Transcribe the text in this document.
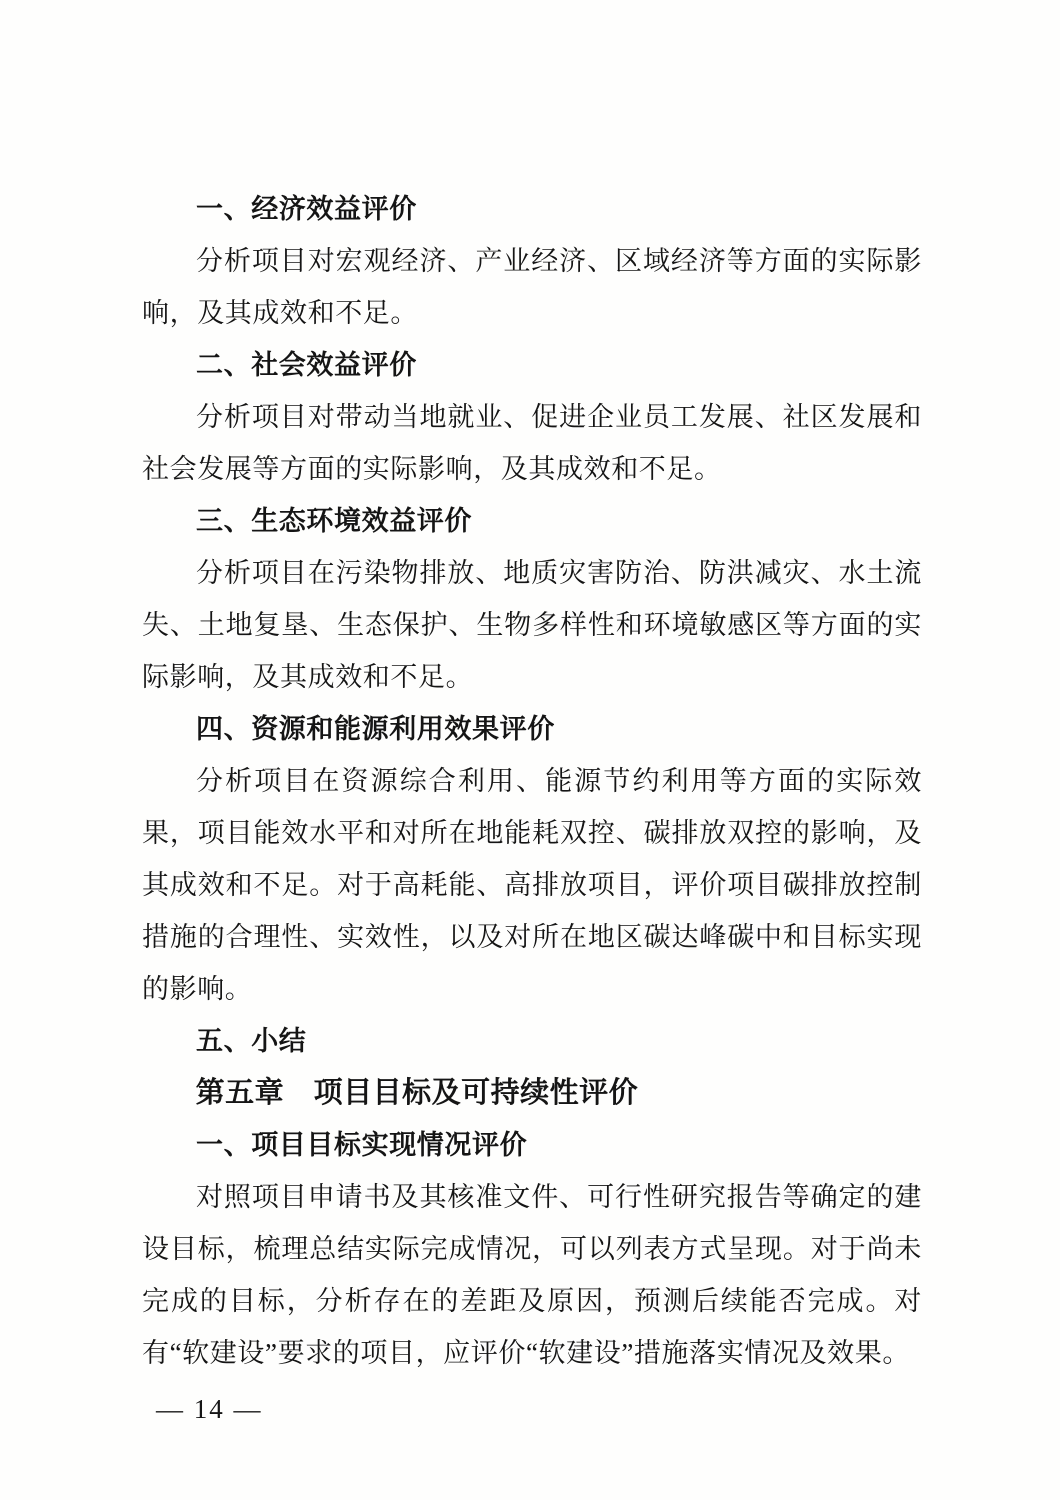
一、经济效益评价

分析项目对宏观经济、产业经济、区域经济等方面的实际影响，及其成效和不足。

二、社会效益评价

分析项目对带动当地就业、促进企业员工发展、社区发展和社会发展等方面的实际影响，及其成效和不足。

三、生态环境效益评价

分析项目在污染物排放、地质灾害防治、防洪减灾、水土流失、土地复垦、生态保护、生物多样性和环境敏感区等方面的实际影响，及其成效和不足。

四、资源和能源利用效果评价

分析项目在资源综合利用、能源节约利用等方面的实际效果，项目能效水平和对所在地能耗双控、碳排放双控的影响，及其成效和不足。对于高耗能、高排放项目，评价项目碳排放控制措施的合理性、实效性，以及对所在地区碳达峰碳中和目标实现的影响。

五、小结
第五章　项目目标及可持续性评价
一、项目目标实现情况评价

对照项目申请书及其核准文件、可行性研究报告等确定的建设目标，梳理总结实际完成情况，可以列表方式呈现。对于尚未完成的目标，分析存在的差距及原因，预测后续能否完成。对有“软建设”要求的项目，应评价“软建设”措施落实情况及效果。

— 14 —
